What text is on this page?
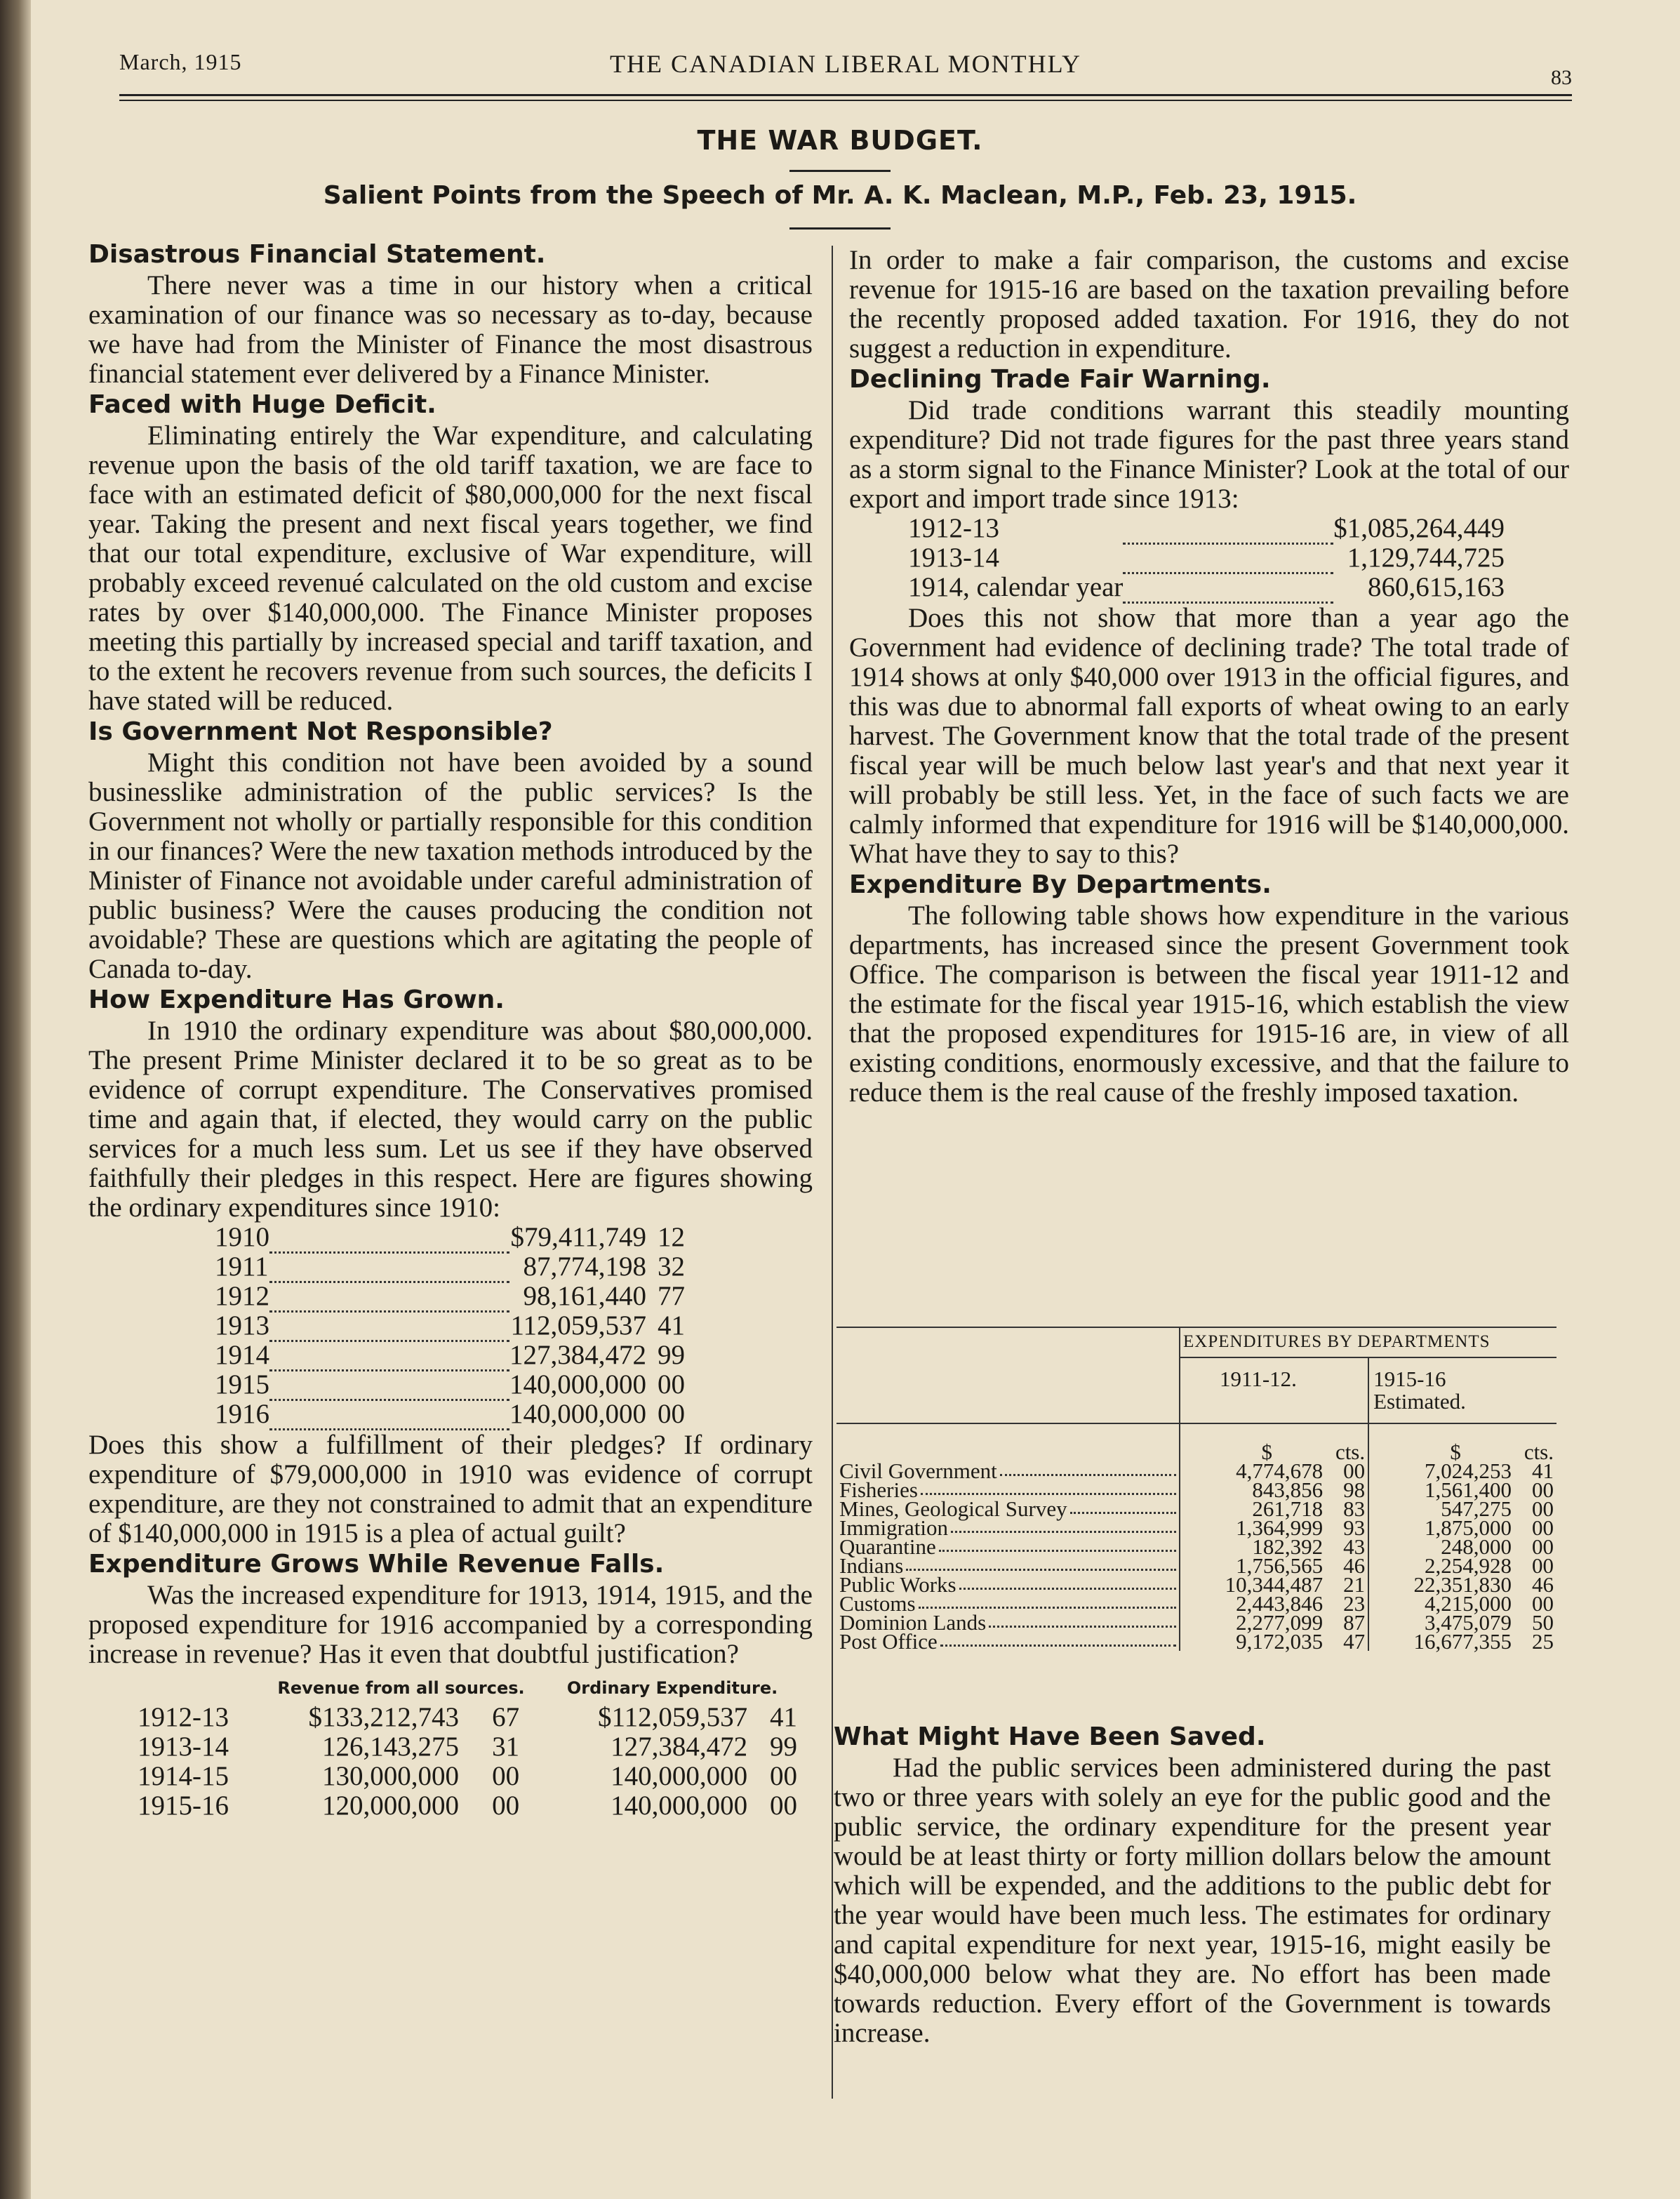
March, 1915	THE CANADIAN LIBERAL MONTHLY	83
THE WAR BUDGET.
Salient Points from the Speech of Mr. A. K. Maclean, M.P., Feb. 23, 1915.

Disastrous Financial Statement.

There never was a time in our history when a critical examination of our finance was so necessary as to-day, because we have had from the Minister of Finance the most disastrous financial statement ever delivered by a Finance Minister.

Faced with Huge Deficit.

Eliminating entirely the War expenditure, and calculating revenue upon the basis of the old tariff taxation, we are face to face with an estimated deficit of $80,000,000 for the next fiscal year. Taking the present and next fiscal years together, we find that our total expenditure, exclusive of War expenditure, will probably exceed revenué calculated on the old custom and excise rates by over $140,000,000. The Finance Minister proposes meeting this partially by increased special and tariff taxation, and to the extent he recovers revenue from such sources, the deficits I have stated will be reduced.

Is Government Not Responsible?

Might this condition not have been avoided by a sound businesslike administration of the public services? Is the Government not wholly or partially responsible for this condition in our finances? Were the new taxation methods introduced by the Minister of Finance not avoidable under careful administration of public business? Were the causes producing the condition not avoidable? These are questions which are agitating the people of Canada to-day.

How Expenditure Has Grown.

In 1910 the ordinary expenditure was about $80,000,000. The present Prime Minister declared it to be so great as to be evidence of corrupt expenditure. The Conservatives promised time and again that, if elected, they would carry on the public services for a much less sum. Let us see if they have observed faithfully their pledges in this respect. Here are figures showing the ordinary expenditures since 1910:

1910		$79,411,749	12
1911		87,774,198	32
1912		98,161,440	77
1913		112,059,537	41
1914		127,384,472	99
1915		140,000,000	00
1916		140,000,000	00

Does this show a fulfillment of their pledges? If ordinary expenditure of $79,000,000 in 1910 was evidence of corrupt expenditure, are they not constrained to admit that an expenditure of $140,000,000 in 1915 is a plea of actual guilt?

Expenditure Grows While Revenue Falls.

Was the increased expenditure for 1913, 1914, 1915, and the proposed expenditure for 1916 accompanied by a corresponding increase in revenue? Has it even that doubtful justification?

	Revenue from all sources.		Ordinary Expenditure.	
1912-13	$133,212,743	67	$112,059,537	41
1913-14	126,143,275	31	127,384,472	99
1914-15	130,000,000	00	140,000,000	00
1915-16	120,000,000	00	140,000,000	00

In order to make a fair comparison, the customs and excise revenue for 1915-16 are based on the taxation prevailing before the recently proposed added taxation. For 1916, they do not suggest a reduction in expenditure.

Declining Trade Fair Warning.

Did trade conditions warrant this steadily mounting expenditure? Did not trade figures for the past three years stand as a storm signal to the Finance Minister? Look at the total of our export and import trade since 1913:

1912-13		$1,085,264,449
1913-14		1,129,744,725
1914, calendar year		860,615,163

Does this not show that more than a year ago the Government had evidence of declining trade? The total trade of 1914 shows at only $40,000 over 1913 in the official figures, and this was due to abnormal fall exports of wheat owing to an early harvest. The Government know that the total trade of the present fiscal year will be much below last year's and that next year it will probably be still less. Yet, in the face of such facts we are calmly informed that expenditure for 1916 will be $140,000,000. What have they to say to this?

Expenditure By Departments.

The following table shows how expenditure in the various departments, has increased since the present Government took Office. The comparison is between the fiscal year 1911-12 and the estimate for the fiscal year 1915-16, which establish the view that the proposed expenditures for 1915-16 are, in view of all existing conditions, enormously excessive, and that the failure to reduce them is the real cause of the freshly imposed taxation.

	EXPENDITURES BY DEPARTMENTS	
	1911-12.	1915-16
Estimated.
	$ cts.	$ cts.

Civil Government	4,774,678 00	7,024,253 41

Fisheries	843,856 98	1,561,400 00

Mines, Geological Survey	261,718 83	547,275 00

Immigration	1,364,999 93	1,875,000 00

Quarantine	182,392 43	248,000 00

Indians	1,756,565 46	2,254,928 00

Public Works	10,344,487 21	22,351,830 46

Customs	2,443,846 23	4,215,000 00

Dominion Lands	2,277,099 87	3,475,079 50

Post Office	9,172,035 47	16,677,355 25

What Might Have Been Saved.

Had the public services been administered during the past two or three years with solely an eye for the public good and the public service, the ordinary expenditure for the present year would be at least thirty or forty million dollars below the amount which will be expended, and the additions to the public debt for the year would have been much less. The estimates for ordinary and capital expenditure for next year, 1915-16, might easily be $40,000,000 below what they are. No effort has been made towards reduction. Every effort of the Government is towards increase.
